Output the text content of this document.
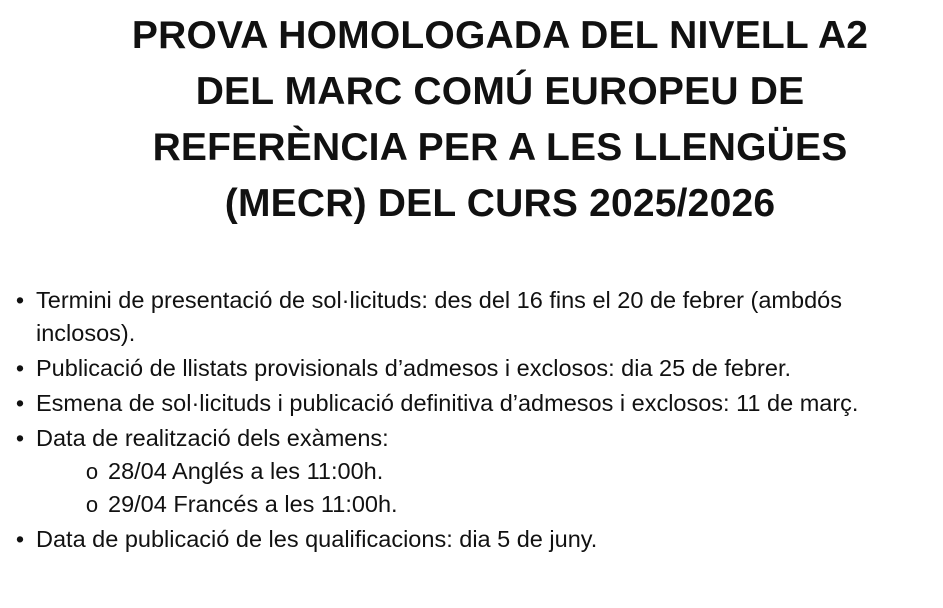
PROVA HOMOLOGADA DEL NIVELL A2
DEL MARC COMÚ EUROPEU DE
REFERÈNCIA PER A LES LLENGÜES
(MECR) DEL CURS 2025/2026
• Termini de presentació de sol·licituds: des del 16 fins el 20 de febrer (ambdós inclosos).
• Publicació de llistats provisionals d’admesos i exclosos: dia 25 de febrer.
• Esmena de sol·licituds i publicació definitiva d’admesos i exclosos: 11 de març.
• Data de realització dels exàmens:
o 28/04 Anglés a les 11:00h.
o 29/04 Francés a les 11:00h.
• Data de publicació de les qualificacions: dia 5 de juny.
